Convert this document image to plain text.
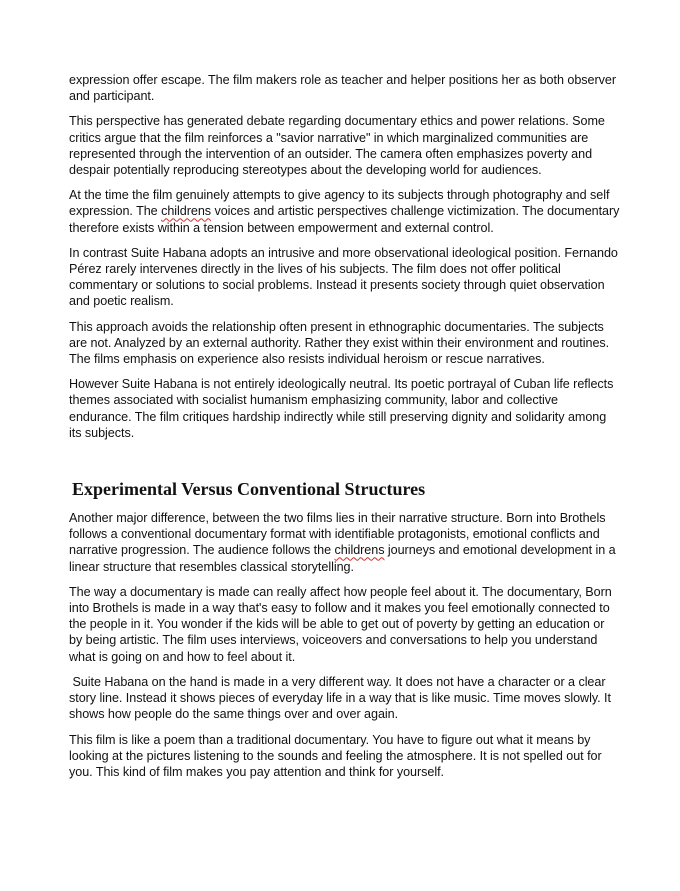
expression offer escape. The film makers role as teacher and helper positions her as both observer and participant.

This perspective has generated debate regarding documentary ethics and power relations. Some critics argue that the film reinforces a "savior narrative" in which marginalized communities are represented through the intervention of an outsider. The camera often emphasizes poverty and despair potentially reproducing stereotypes about the developing world for audiences.

At the time the film genuinely attempts to give agency to its subjects through photography and self expression. The childrens voices and artistic perspectives challenge victimization. The documentary therefore exists within a tension between empowerment and external control.

In contrast Suite Habana adopts an intrusive and more observational ideological position. Fernando Pérez rarely intervenes directly in the lives of his subjects. The film does not offer political commentary or solutions to social problems. Instead it presents society through quiet observation and poetic realism.

This approach avoids the relationship often present in ethnographic documentaries. The subjects are not. Analyzed by an external authority. Rather they exist within their environment and routines. The films emphasis on experience also resists individual heroism or rescue narratives.

However Suite Habana is not entirely ideologically neutral. Its poetic portrayal of Cuban life reflects themes associated with socialist humanism emphasizing community, labor and collective endurance. The film critiques hardship indirectly while still preserving dignity and solidarity among its subjects.

Experimental Versus Conventional Structures

Another major difference, between the two films lies in their narrative structure. Born into Brothels follows a conventional documentary format with identifiable protagonists, emotional conflicts and narrative progression. The audience follows the childrens journeys and emotional development in a linear structure that resembles classical storytelling.

The way a documentary is made can really affect how people feel about it. The documentary, Born into Brothels is made in a way that's easy to follow and it makes you feel emotionally connected to the people in it. You wonder if the kids will be able to get out of poverty by getting an education or by being artistic. The film uses interviews, voiceovers and conversations to help you understand what is going on and how to feel about it.

Suite Habana on the hand is made in a very different way. It does not have a character or a clear story line. Instead it shows pieces of everyday life in a way that is like music. Time moves slowly. It shows how people do the same things over and over again.

This film is like a poem than a traditional documentary. You have to figure out what it means by looking at the pictures listening to the sounds and feeling the atmosphere. It is not spelled out for you. This kind of film makes you pay attention and think for yourself.
